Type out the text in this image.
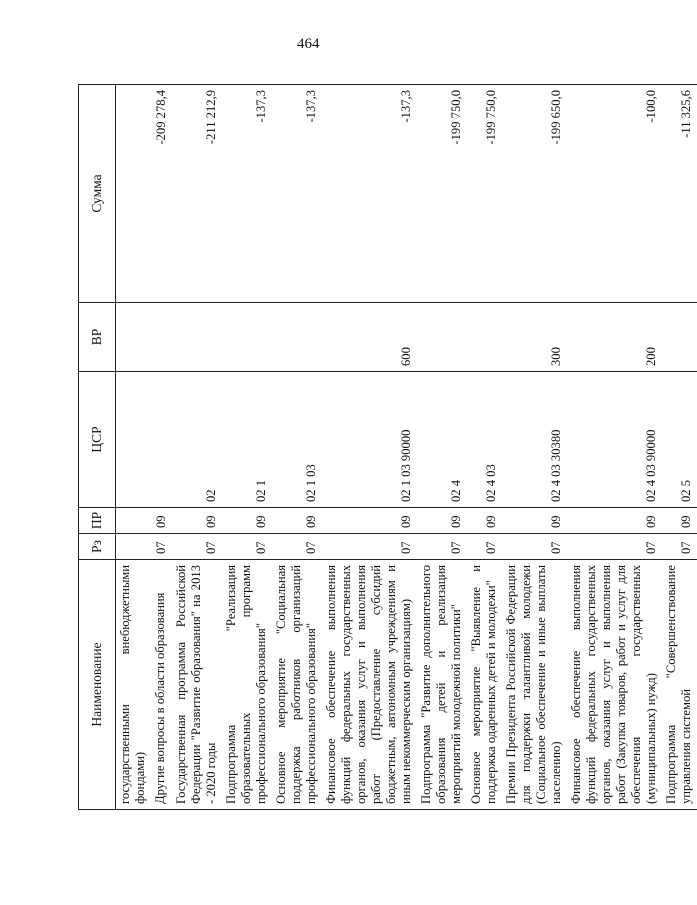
464
Наименование	Рз	ПР	ЦСР	ВР	Сумма
государственными внебюджетными фондами)					
Другие вопросы в области образования	07	09			-209 278,4
Государственная программа Российской Федерации "Развитие образования" на 2013 - 2020 годы	07	09	02		-211 212,9
Подпрограмма "Реализация образовательных программ профессионального образования"	07	09	02 1		-137,3
Основное мероприятие "Социальная поддержка работников организаций профессионального образования"	07	09	02 1 03		-137,3
Финансовое обеспечение выполнения функций федеральных государственных органов, оказания услуг и выполнения работ (Предоставление субсидий бюджетным, автономным учреждениям и иным некоммерческим организациям)	07	09	02 1 03 90000	600	-137,3
Подпрограмма "Развитие дополнительного образования детей и реализация мероприятий молодежной политики"	07	09	02 4		-199 750,0
Основное мероприятие "Выявление и поддержка одаренных детей и молодежи"	07	09	02 4 03		-199 750,0
Премии Президента Российской Федерации для поддержки талантливой молодежи (Социальное обеспечение и иные выплаты населению)	07	09	02 4 03 30380	300	-199 650,0
Финансовое обеспечение выполнения функций федеральных государственных органов, оказания услуг и выполнения работ (Закупка товаров, работ и услуг для обеспечения государственных (муниципальных) нужд)	07	09	02 4 03 90000	200	-100,0
Подпрограмма "Совершенствование управления системой	07	09	02 5		-11 325,6
